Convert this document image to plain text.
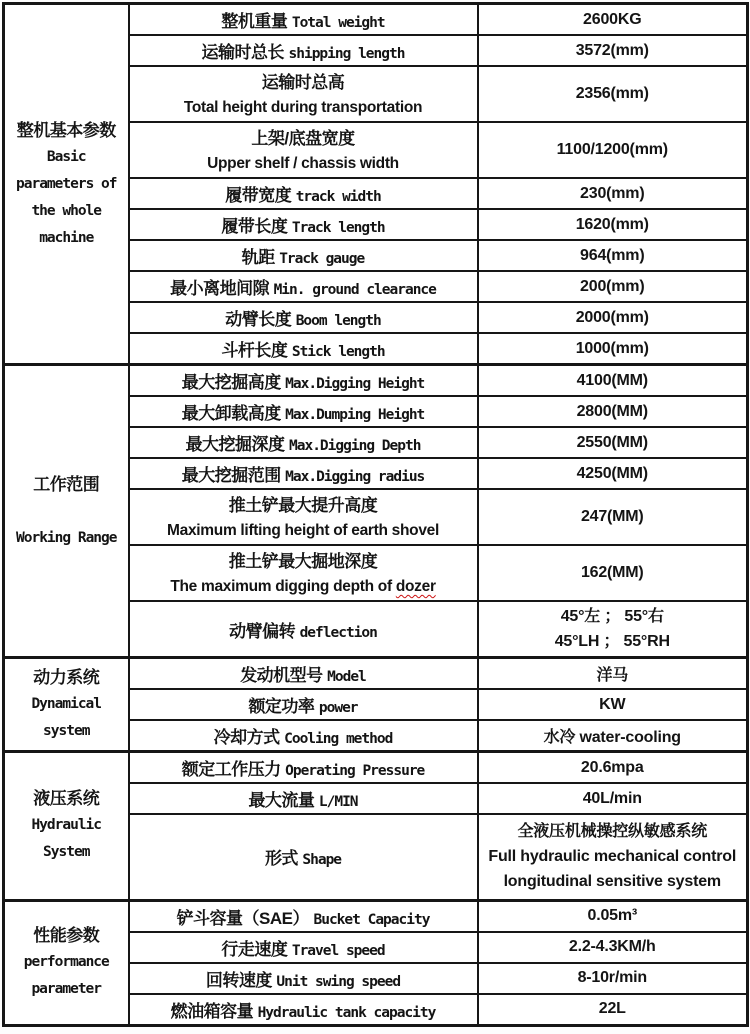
整机基本参数
Basic
parameters of
the whole
machine	整机重量 Total weight	2600KG
	运输时总长 shipping length	3572(mm)

	运输时总高
Total height during transportation	2356(mm)

	上架/底盘宽度
Upper shelf / chassis width	1100/1200(mm)
	履带宽度 track width	230(mm)
	履带长度 Track length	1620(mm)
	轨距 Track gauge	964(mm)
	最小离地间隙 Min. ground clearance	200(mm)
	动臂长度 Boom length	2000(mm)
	斗杆长度 Stick length	1000(mm)

工作范围
Working Range	最大挖掘高度 Max.Digging Height	4100(MM)
	最大卸载高度 Max.Dumping Height	2800(MM)
	最大挖掘深度 Max.Digging Depth	2550(MM)
	最大挖掘范围 Max.Digging radius	4250(MM)

	推土铲最大提升高度
Maximum lifting height of earth shovel	247(MM)

	推土铲最大掘地深度
The maximum digging depth of dozer	162(MM)
	动臂偏转 deflection	45°左 ； 55°右
45°LH ； 55°RH

动力系统
Dynamical
system	发动机型号 Model	洋马
	额定功率 power	KW
	冷却方式 Cooling method	水冷 water-cooling

液压系统
Hydraulic
System	额定工作压力 Operating Pressure	20.6mpa
	最大流量 L/MIN	40L/min
	形式 Shape	全液压机械操控纵敏感系统
Full hydraulic mechanical control
longitudinal sensitive system

性能参数
performance
parameter	铲斗容量（SAE） Bucket Capacity	0.05m³
	行走速度 Travel speed	2.2-4.3KM/h
	回转速度 Unit swing speed	8-10r/min
	燃油箱容量 Hydraulic tank capacity	22L
